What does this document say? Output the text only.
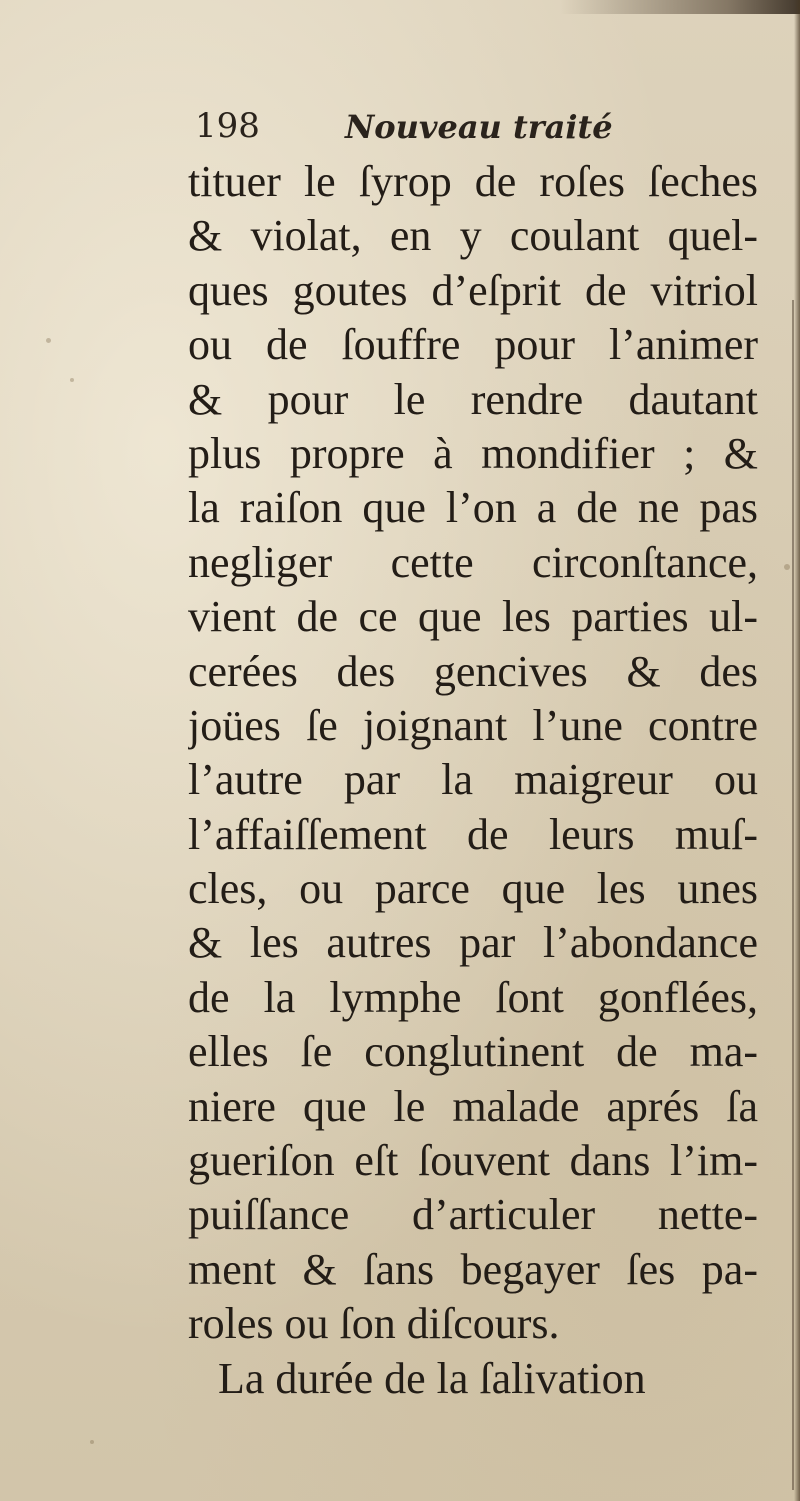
198	Nouveau traité
tituer le ſyrop de roſes ſeches
& violat, en y coulant quel-
ques goutes d’eſprit de vitriol
ou de ſouffre pour l’animer
& pour le rendre dautant
plus propre à mondifier ; &
la raiſon que l’on a de ne pas
negliger cette circonſtance,
vient de ce que les parties ul-
cerées des gencives & des
joües ſe joignant l’une contre
l’autre par la maigreur ou
l’affaiſſement de leurs muſ-
cles, ou parce que les unes
& les autres par l’abondance
de la lymphe ſont gonflées,
elles ſe conglutinent de ma-
niere que le malade aprés ſa
gueriſon eſt ſouvent dans l’im-
puiſſance d’articuler nette-
ment & ſans begayer ſes pa-
roles ou ſon diſcours.
La durée de la ſalivation
